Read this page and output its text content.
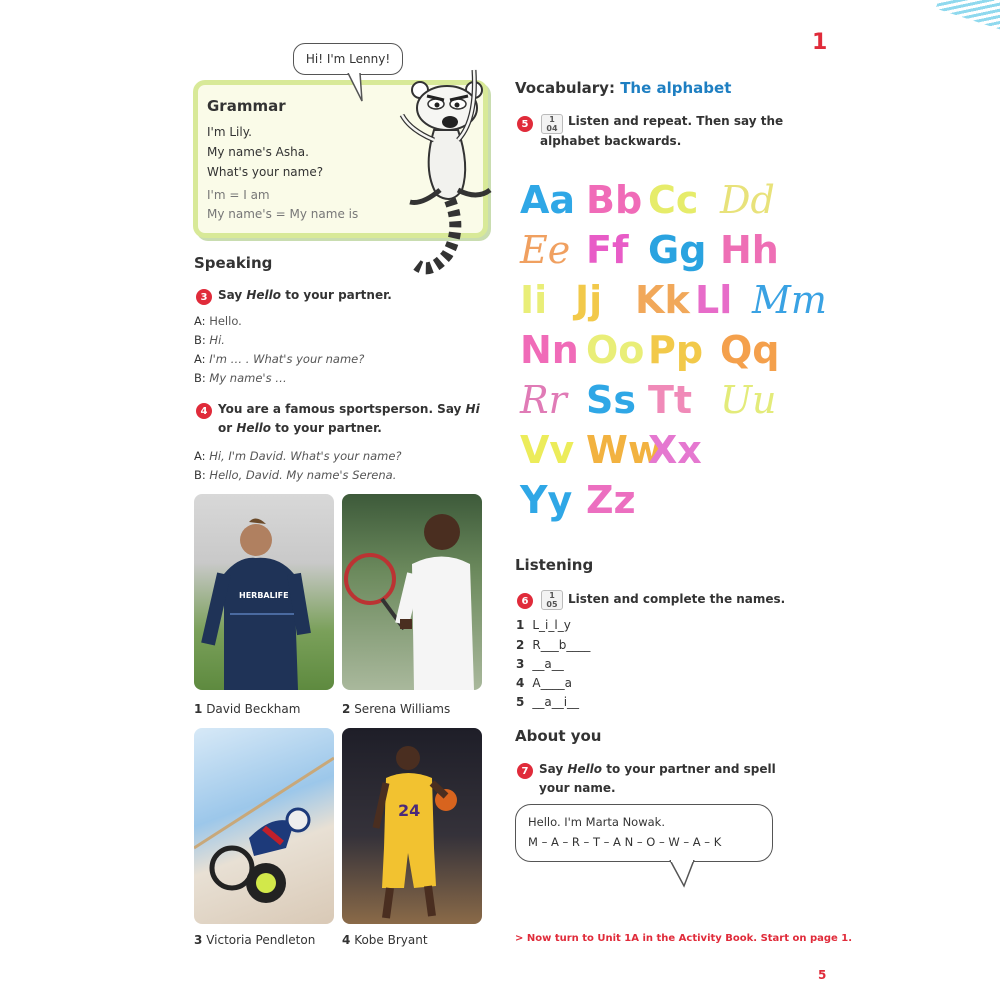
1
Grammar
I'm Lily.
My name's Asha.
What's your name?
I'm = I am
My name's = My name is
Hi! I'm Lenny!
Speaking
3 Say Hello to your partner.
A: Hello.
B: Hi.
A: I'm … . What's your name?
B: My name's …
4 You are a famous sportsperson. Say Hi
or Hello to your partner.
A: Hi, I'm David. What's your name?
B: Hello, David. My name's Serena.
HERBALIFE
1 David Beckham	2 Serena Williams
3 Victoria Pendleton
24
4 Kobe Bryant
Vocabulary: The alphabet
5	1
04
Listen and repeat. Then say the
alphabet backwards.
Aa Bb Cc Dd
Ee Ff Gg Hh
Ii Jj Kk Ll Mm
Nn Oo Pp Qq
Rr Ss Tt Uu
Vv Ww
Xx
Yy Zz
Listening
6	1
05 Listen and complete the names.
1 L_i_l_y
2 R___b____
3 __a__
4 A____a
5 __a__i__
About you
7 Say Hello to your partner and spell
your name.
Hello. I'm Marta Nowak.
M – A – R – T – A N – O – W – A – K
> Now turn to Unit 1A in the Activity Book. Start on page 1.
5
